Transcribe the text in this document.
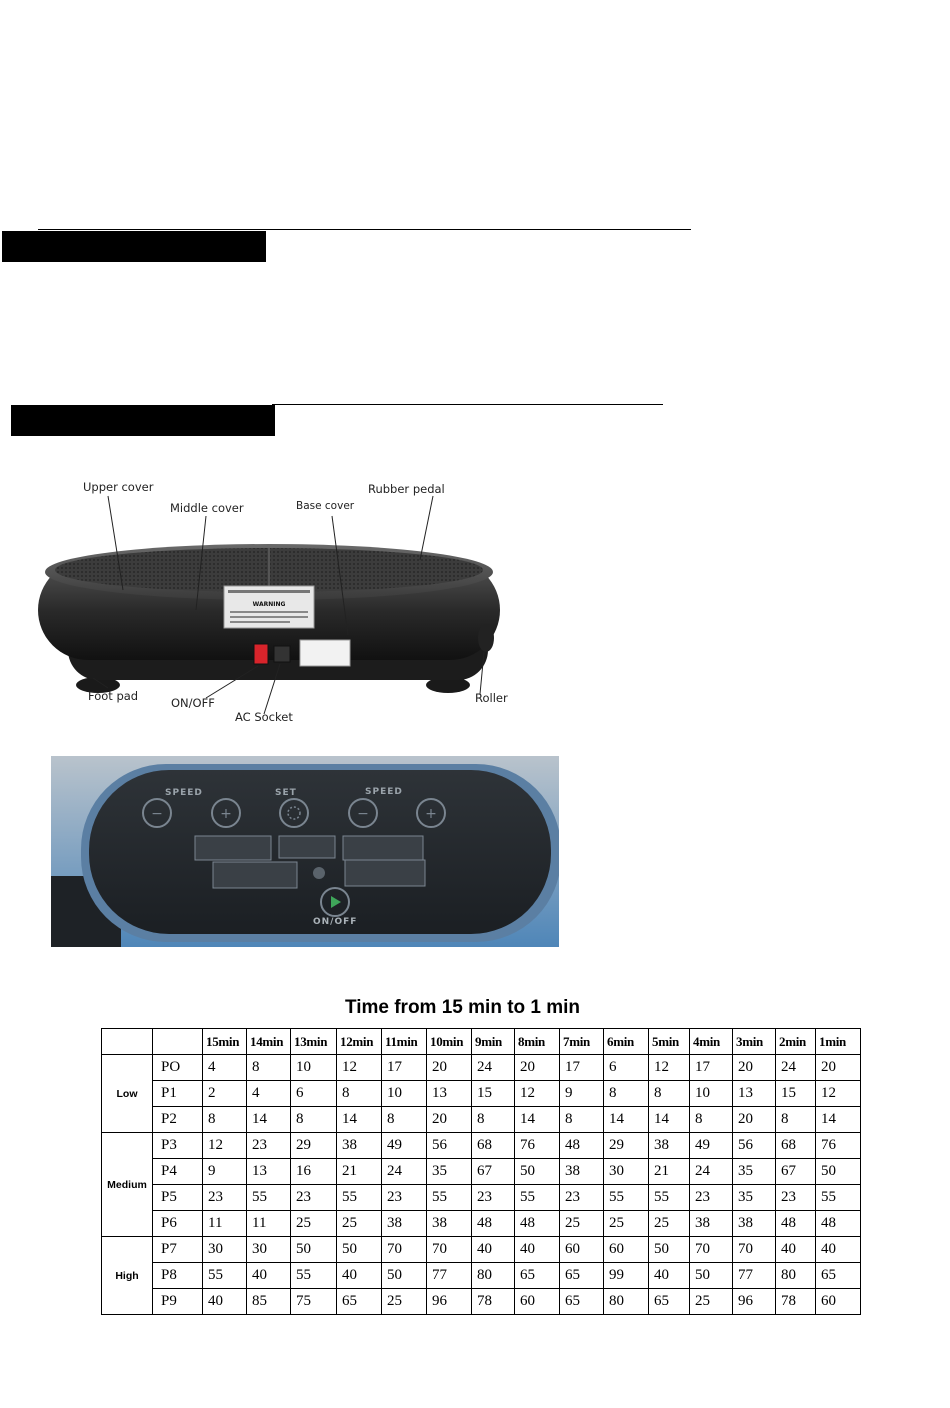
WARNING
Upper cover
Middle cover	Base cover
Rubber pedal
Foot pad	ON/OFF
AC Socket
Roller
−	+	−	+
SPEED	SET	SPEED
ON/OFF
Time from 15 min to 1 min
		15min	14min	13min	12min	11min	10min	9min	8min	7min	6min	5min	4min	3min	2min	1min
Low	PO	4	8	10	12	17	20	24	20	17	6	12	17	20	24	20
	P1	2	4	6	8	10	13	15	12	9	8	8	10	13	15	12
	P2	8	14	8	14	8	20	8	14	8	14	14	8	20	8	14
Medium	P3	12	23	29	38	49	56	68	76	48	29	38	49	56	68	76
	P4	9	13	16	21	24	35	67	50	38	30	21	24	35	67	50
	P5	23	55	23	55	23	55	23	55	23	55	55	23	35	23	55
	P6	11	11	25	25	38	38	48	48	25	25	25	38	38	48	48
High	P7	30	30	50	50	70	70	40	40	60	60	50	70	70	40	40
	P8	55	40	55	40	50	77	80	65	65	99	40	50	77	80	65
	P9	40	85	75	65	25	96	78	60	65	80	65	25	96	78	60
